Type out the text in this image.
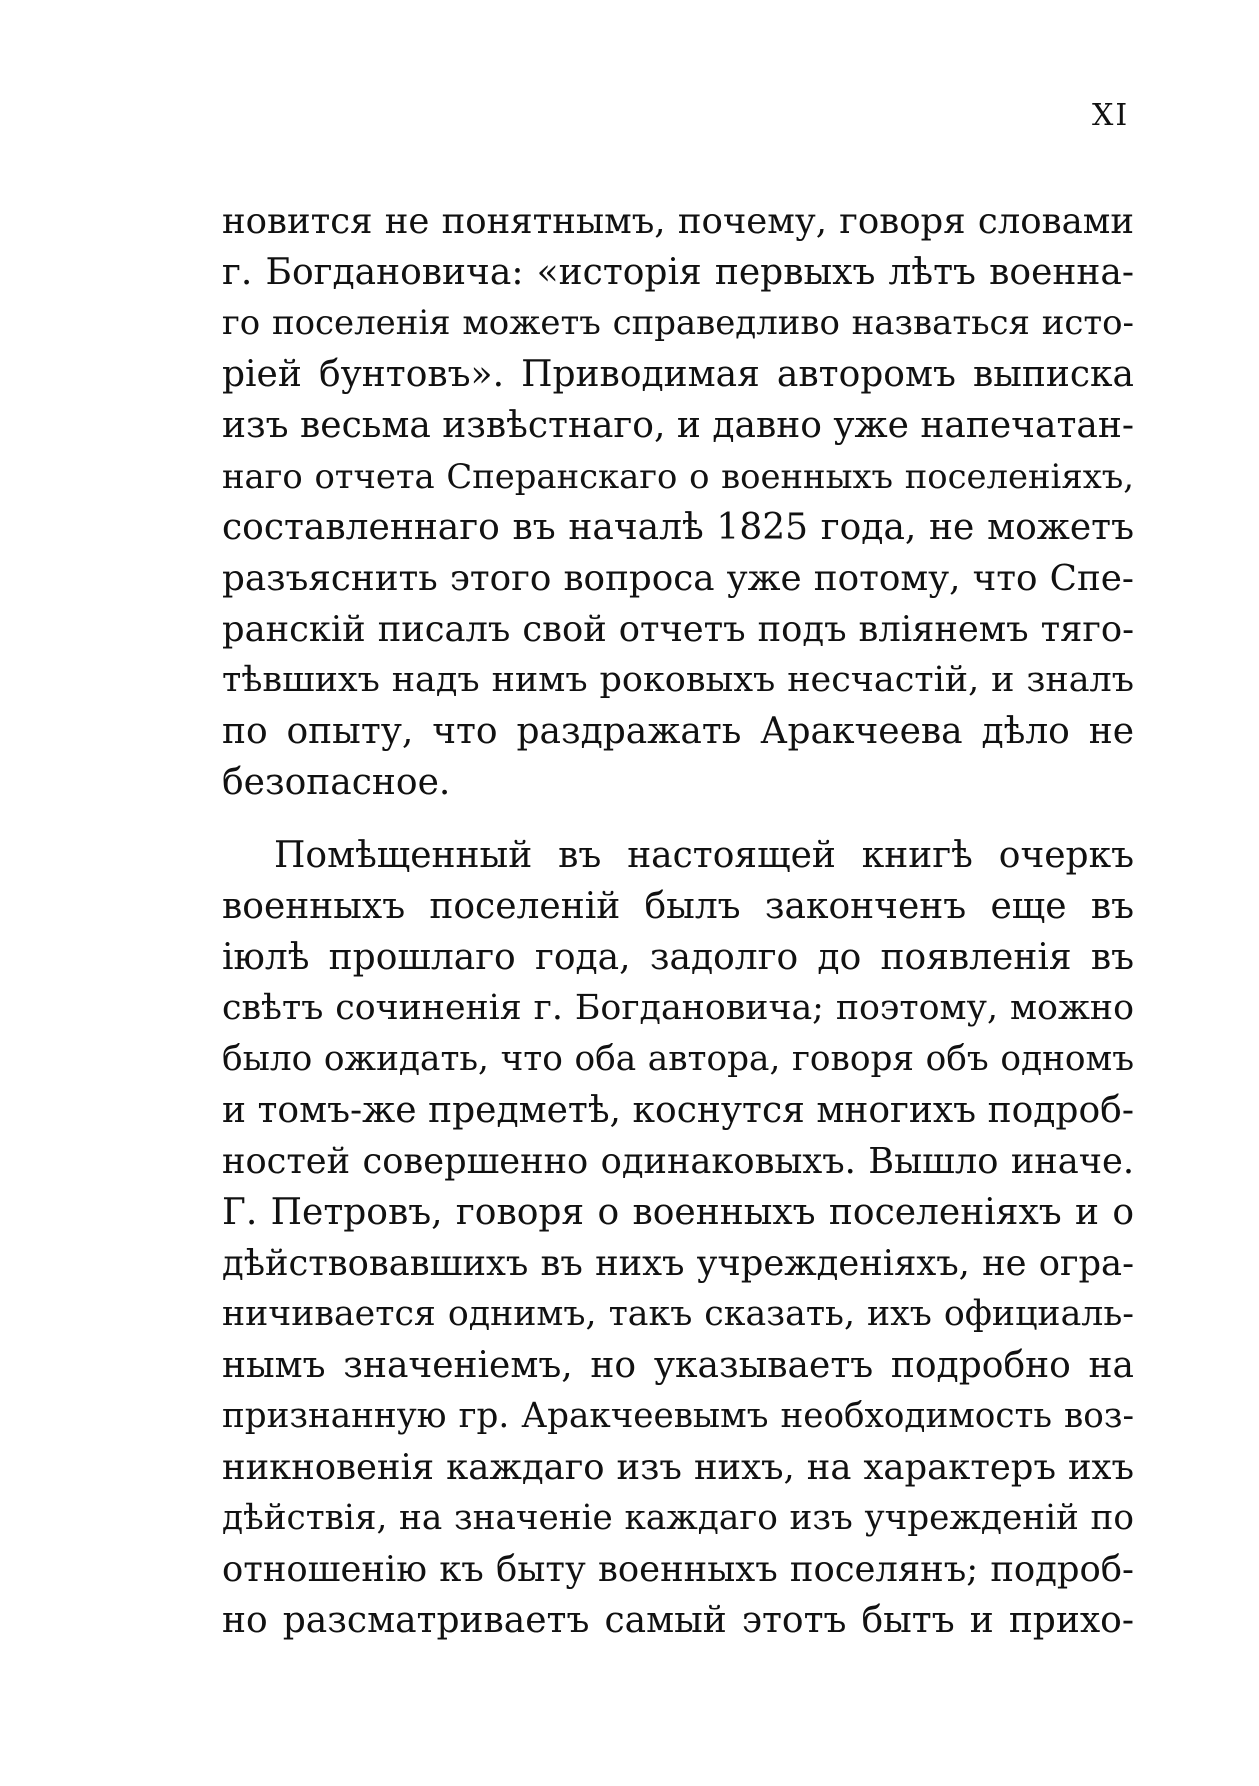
XI
новится не понятнымъ, почему, говоря словами
г. Богдановича: «исторія первыхъ лѣтъ военна-
го поселенія можетъ справедливо назваться исто-
ріей бунтовъ». Приводимая авторомъ выписка
изъ весьма извѣстнаго, и давно уже напечатан-
наго отчета Сперанскаго о военныхъ поселеніяхъ,
составленнаго въ началѣ 1825 года, не можетъ
разъяснить этого вопроса уже потому, что Спе-
ранскій писалъ свой отчетъ подъ вліянемъ тяго-
тѣвшихъ надъ нимъ роковыхъ несчастій, и зналъ
по опыту, что раздражать Аракчеева дѣло не
безопасное.
Помѣщенный въ настоящей книгѣ очеркъ
военныхъ поселеній былъ законченъ еще въ
іюлѣ прошлаго года, задолго до появленія въ
свѣтъ сочиненія г. Богдановича; поэтому, можно
было ожидать, что оба автора, говоря объ одномъ
и томъ-же предметѣ, коснутся многихъ подроб-
ностей совершенно одинаковыхъ. Вышло иначе.
Г. Петровъ, говоря о военныхъ поселеніяхъ и о
дѣйствовавшихъ въ нихъ учрежденіяхъ, не огра-
ничивается однимъ, такъ сказать, ихъ официаль-
нымъ значеніемъ, но указываетъ подробно на
признанную гр. Аракчеевымъ необходимость воз-
никновенія каждаго изъ нихъ, на характеръ ихъ
дѣйствія, на значеніе каждаго изъ учрежденій по
отношенію къ быту военныхъ поселянъ; подроб-
но разсматриваетъ самый этотъ бытъ и прихо-
